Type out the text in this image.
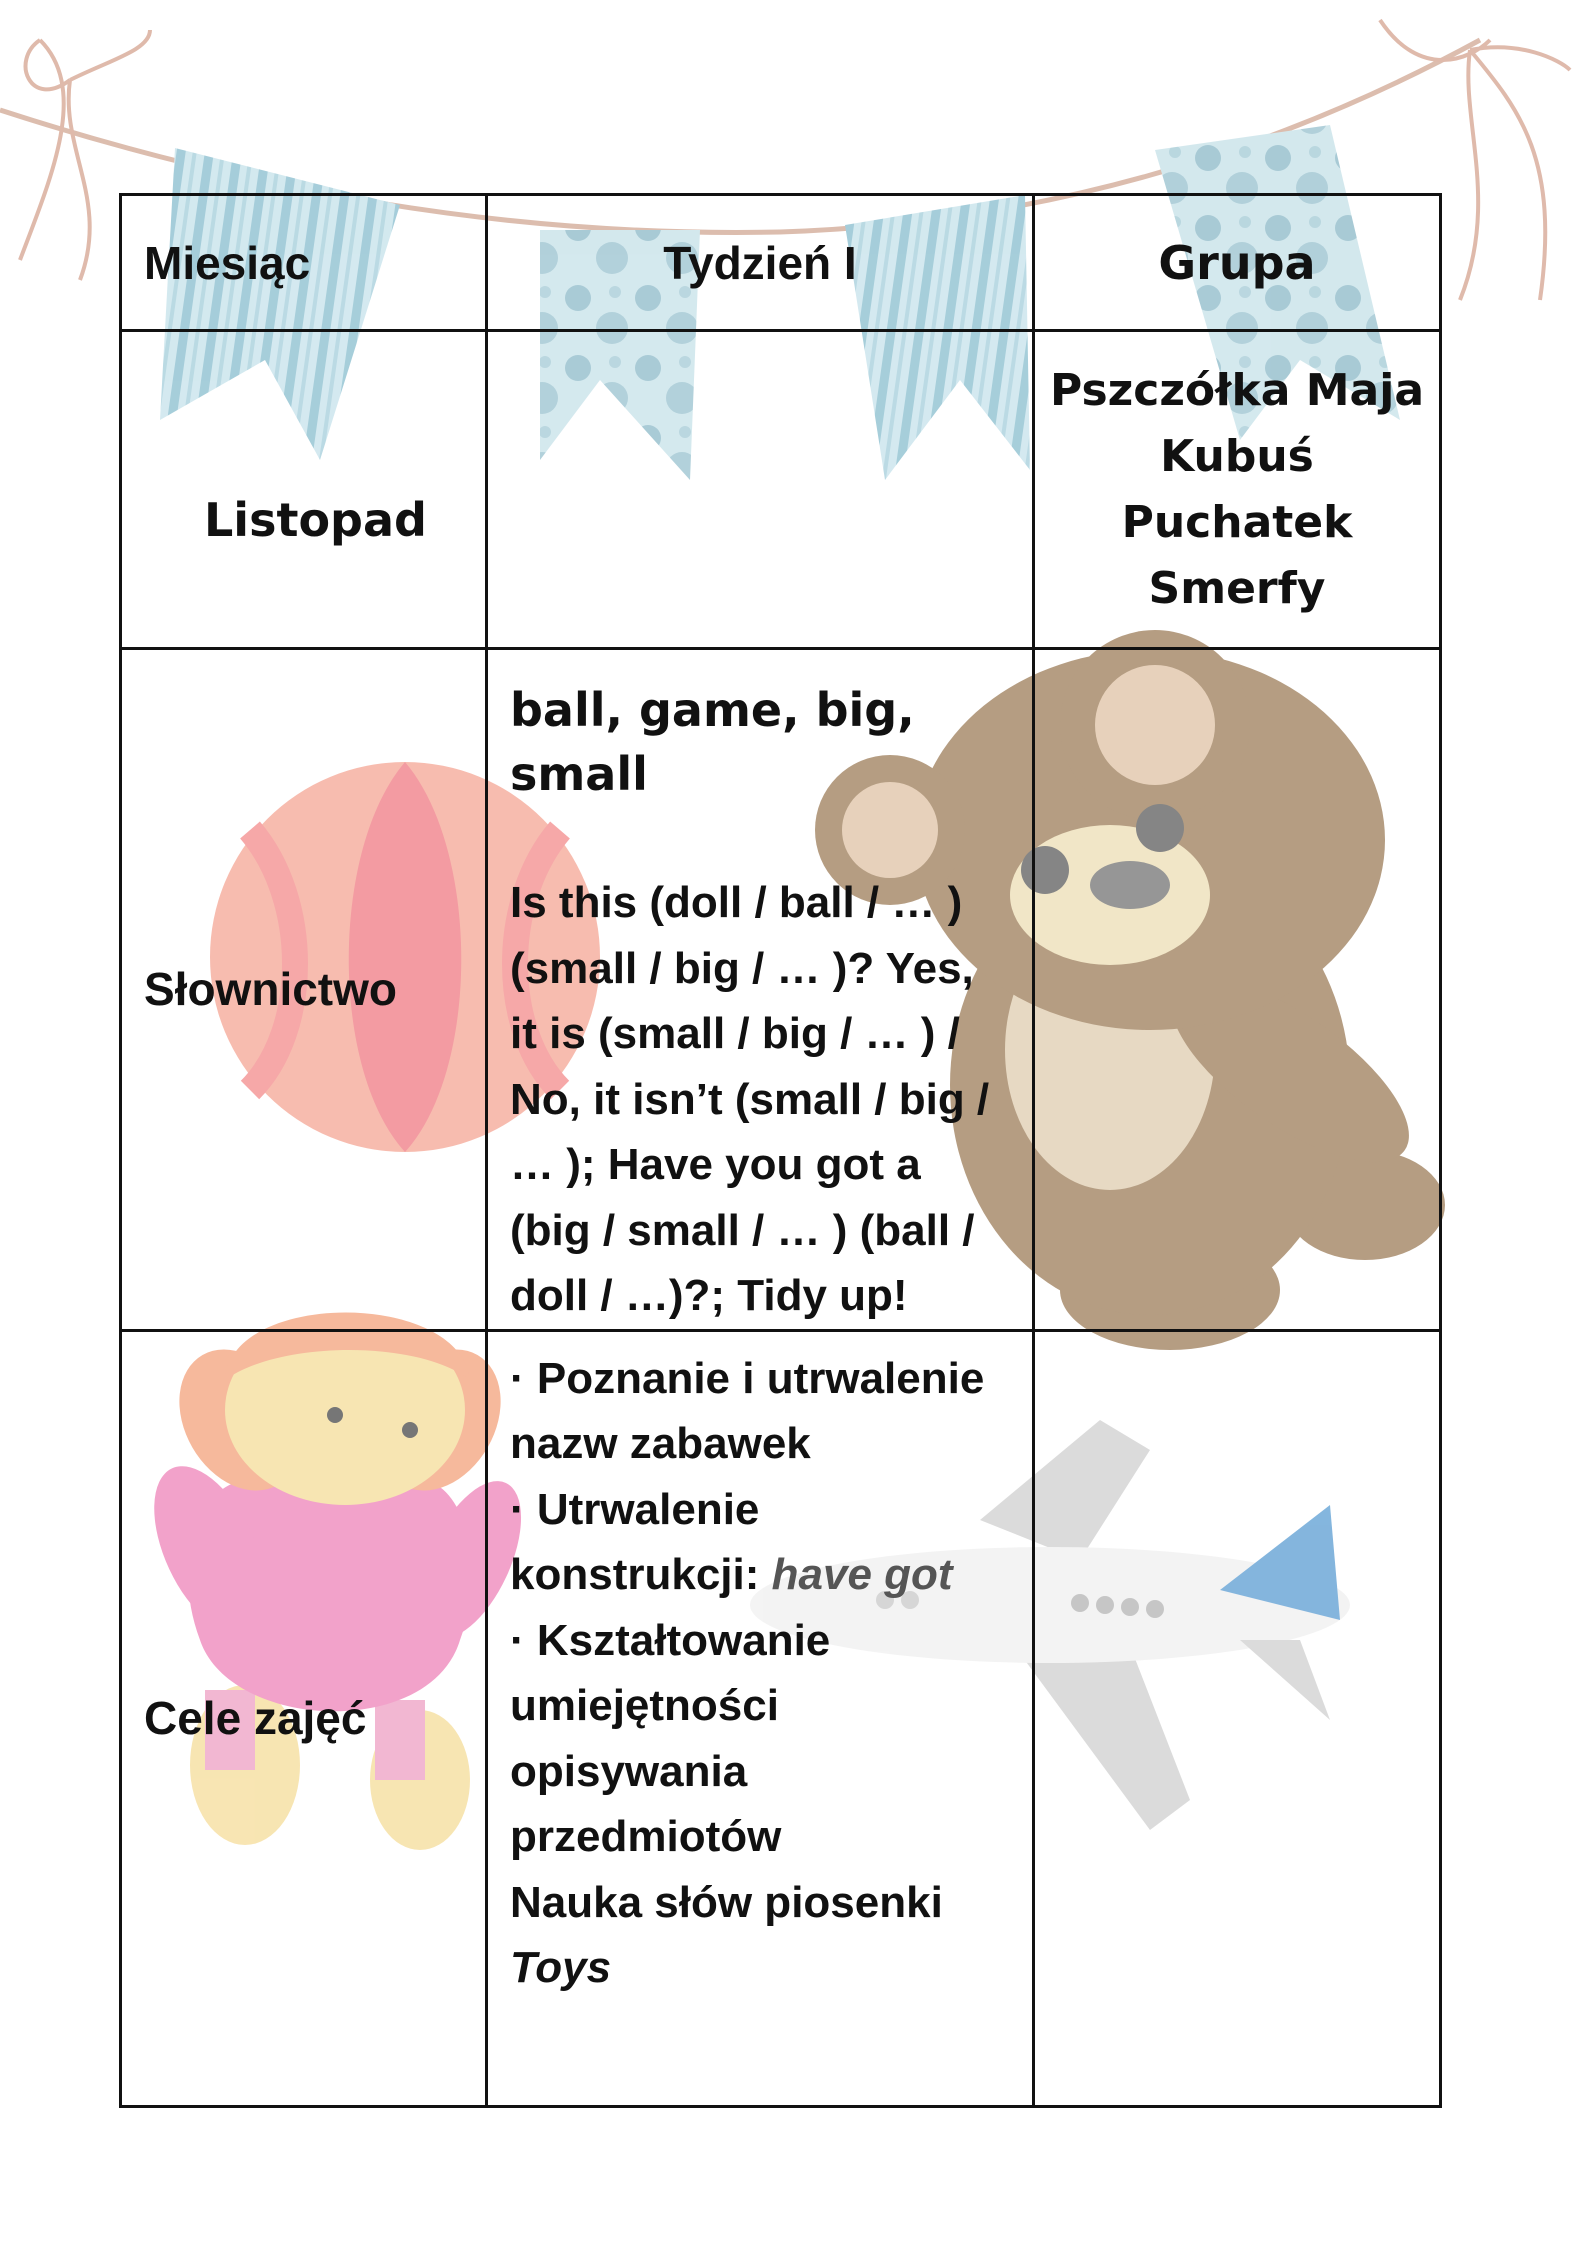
Miesiąc	Tydzień I	Grupa

Listopad		Pszczółka Maja
Kubuś
Puchatek
Smerfy

Słownictwo	ball, game, big, small
Is this (doll / ball / … ) (small / big / … )? Yes, it is (small / big / … ) / No, it isn’t (small / big / … ); Have you got a (big / small / … ) (ball / doll / …)?; Tidy up!	

Cele zajęć	· Poznanie i utrwalenie nazw zabawek
· Utrwalenie konstrukcji: have got
· Kształtowanie umiejętności opisywania przedmiotów
Nauka słów piosenki Toys	
